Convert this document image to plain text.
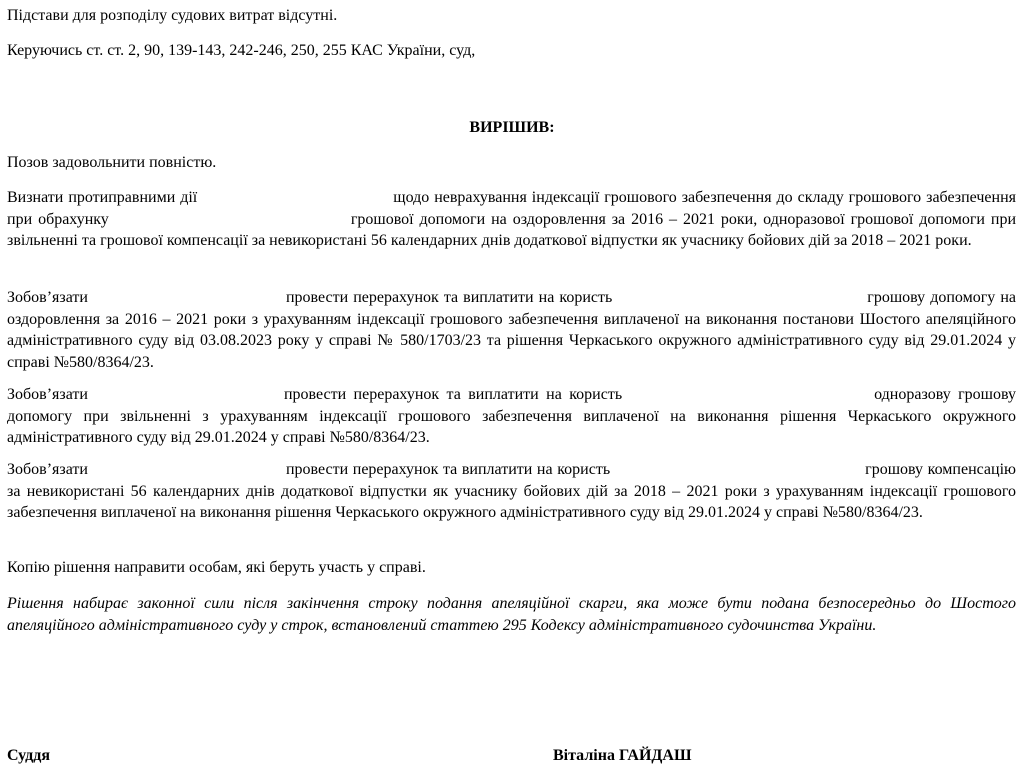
Підстави для розподілу судових витрат відсутні.

Керуючись ст. ст. 2, 90, 139-143, 242-246, 250, 255 КАС України, суд,

ВИРІШИВ:

Позов задовольнити повністю.

Визнати протиправними дії	щодо неврахування індексації грошового забезпечення до складу грошового забезпечення при обрахунку	грошової допомоги на оздоровлення за 2016 – 2021 роки, одноразової грошової допомоги при звільненні та грошової компенсації за невикористані 56 календарних днів додаткової відпустки як учаснику бойових дій за 2018 – 2021 роки.

Зобов’язати	провести перерахунок та виплатити на користь	грошову допомогу на оздоровлення за 2016 – 2021 роки з урахуванням індексації грошового забезпечення виплаченої на виконання постанови Шостого апеляційного адміністративного суду від 03.08.2023 року у справі № 580/1703/23 та рішення Черкаського окружного адміністративного суду від 29.01.2024 у справі №580/8364/23.

Зобов’язати	провести перерахунок та виплатити на користь	одноразову грошову допомогу при звільненні з урахуванням індексації грошового забезпечення виплаченої на виконання рішення Черкаського окружного адміністративного суду від 29.01.2024 у справі №580/8364/23.

Зобов’язати	провести перерахунок та виплатити на користь	грошову компенсацію за невикористані 56 календарних днів додаткової відпустки як учаснику бойових дій за 2018 – 2021 роки з урахуванням індексації грошового забезпечення виплаченої на виконання рішення Черкаського окружного адміністративного суду від 29.01.2024 у справі №580/8364/23.

Копію рішення направити особам, які беруть участь у справі.

Рішення набирає законної сили після закінчення строку подання апеляційної скарги, яка може бути подана безпосередньо до Шостого апеляційного адміністративного суду у строк, встановлений статтею 295 Кодексу адміністративного судочинства України.

Суддя	Віталіна ГАЙДАШ
